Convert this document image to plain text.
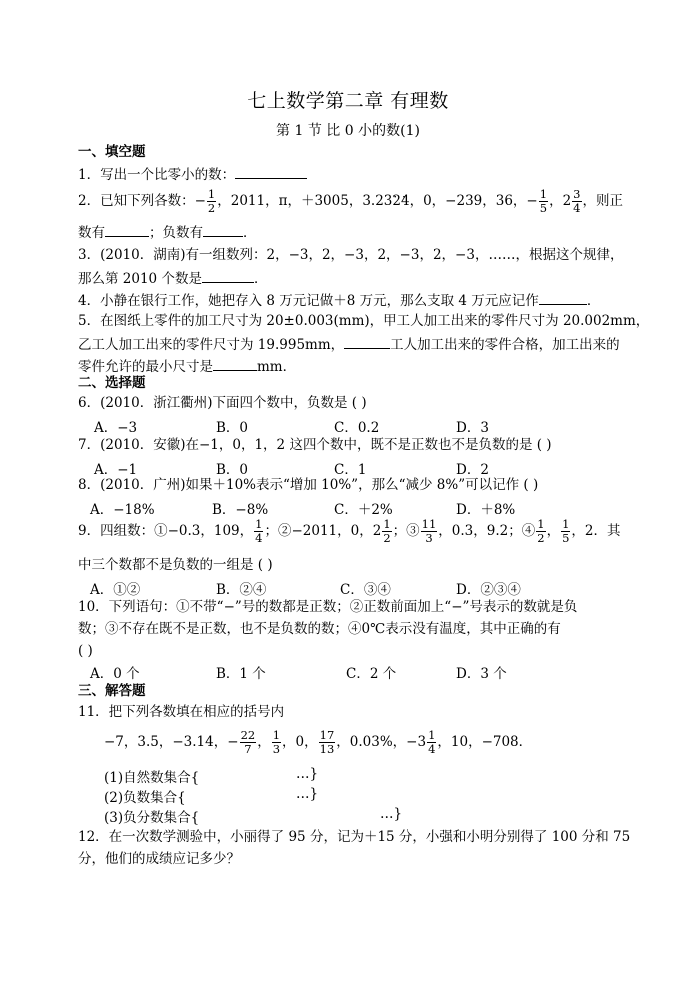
七上数学第二章 有理数
第 1 节 比 0 小的数(1)
一、填空题
1．写出一个比零小的数：
2．已知下列各数：− $\frac{1}{2}$ ，2011，π，＋3005，3.232 ·4 ·，0，−239，36，− $\frac{1}{5}$ ，$2 \frac{3}{4}$ ，则正
数有	；负数有	．
3．(2010．湖南)有一组数列：2，−3，2，−3，2，−3，2，−3，……，根据这个规律，
那么第 2010 个数是	．
4．小静在银行工作，她把存入 8 万元记做＋8 万元，那么支取 4 万元应记作	．
5．在图纸上零件的加工尺寸为 20±0.003(mm)，甲工人加工出来的零件尺寸为 20.002mm，
乙工人加工出来的零件尺寸为 19.995mm，	工人加工出来的零件合格，加工出来的
零件允许的最小尺寸是	mm．
二、选择题
6．(2010．浙江衢州)下面四个数中，负数是 ( )
A．−3	B．0	C．0.2	D．3
7．(2010．安徽)在−1，0，1，2 这四个数中，既不是正数也不是负数的是 ( )
A．−1	B．0	C．1	D．2
8．(2010．广州)如果＋10%表示“增加 10%”，那么“减少 8%”可以记作 ( )
A．−18%	B．−8%	C．＋2%	D．＋8%
9．四组数：①−0.3，109， $\frac{1}{4}$ ；②−2011，0，$2 \frac{1}{2}$ ；③ $\frac{11}{3}$ ，0.3，9.2；④ $\frac{1}{2}$ ， $\frac{1}{5}$ ，2．其
中三个数都不是负数的一组是 ( )
A．①②	B．②④	C．③④	D．②③④
10．下列语句：①不带“−”号的数都是正数；②正数前面加上“−”号表示的数就是负
数；③不存在既不是正数，也不是负数的数；④0℃表示没有温度，其中正确的有
( )
A．0 个	B．1 个	C．2 个	D．3 个
三、解答题
11．把下列各数填在相应的括号内
−7，3.5，−3.14，− $\frac{22}{7}$ ， $\frac{1}{3}$ ，0， $\frac{17}{13}$ ，0.03%，$-3 \frac{1}{4}$ ，10，−708．
(1)自然数集合{	…}
(2)负数集合{	…}
(3)负分数集合{	…}
12．在一次数学测验中，小丽得了 95 分，记为＋15 分，小强和小明分别得了 100 分和 75
分，他们的成绩应记多少？
